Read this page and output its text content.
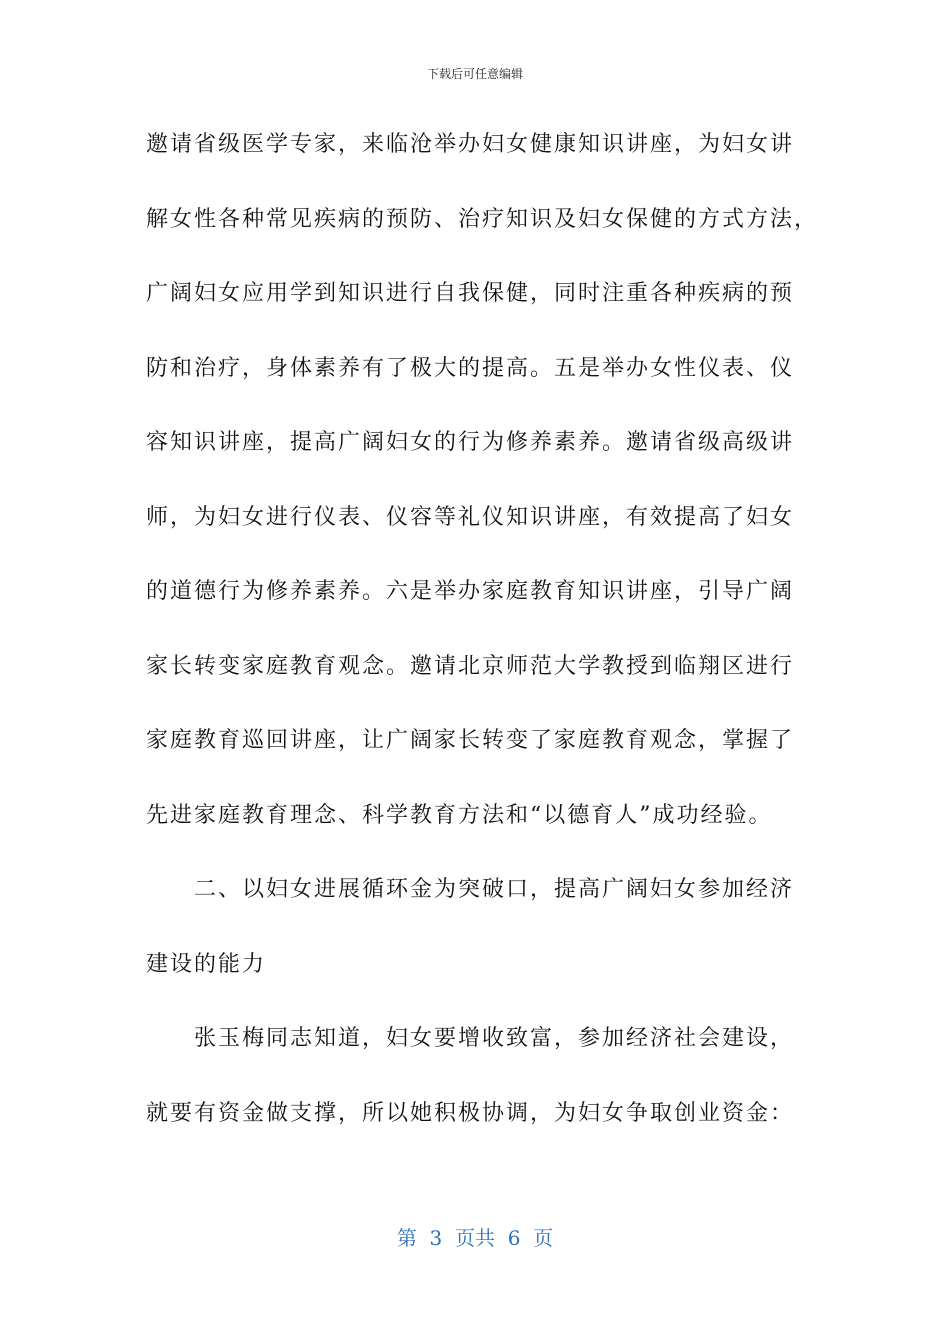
下载后可任意编辑
邀请省级医学专家，来临沧举办妇女健康知识讲座，为妇女讲
解女性各种常见疾病的预防、治疗知识及妇女保健的方式方法，
广阔妇女应用学到知识进行自我保健，同时注重各种疾病的预
防和治疗，身体素养有了极大的提高。五是举办女性仪表、仪
容知识讲座，提高广阔妇女的行为修养素养。邀请省级高级讲
师，为妇女进行仪表、仪容等礼仪知识讲座，有效提高了妇女
的道德行为修养素养。六是举办家庭教育知识讲座，引导广阔
家长转变家庭教育观念。邀请北京师范大学教授到临翔区进行
家庭教育巡回讲座，让广阔家长转变了家庭教育观念，掌握了
先进家庭教育理念、科学教育方法和“以德育人”成功经验。
二、以妇女进展循环金为突破口，提高广阔妇女参加经济
建设的能力
张玉梅同志知道，妇女要增收致富，参加经济社会建设，
就要有资金做支撑，所以她积极协调，为妇女争取创业资金：
第  3  页共  6  页
